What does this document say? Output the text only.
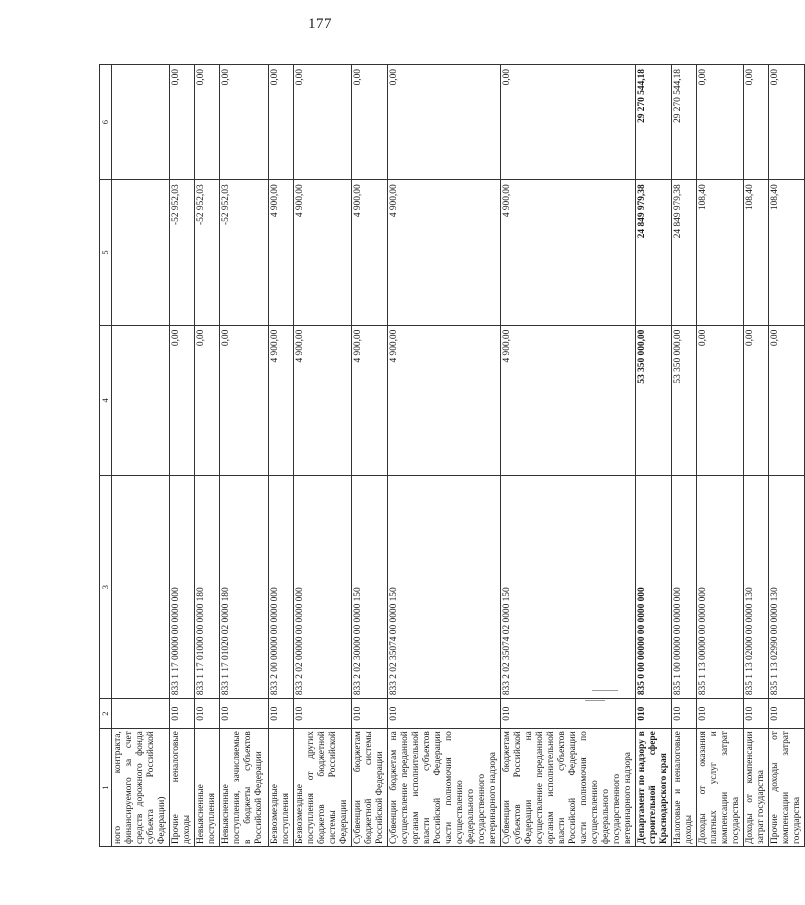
177
1	2	3	4	5	6
ного контракта, финансируемого за счет средств дорожного фонда субъекта Российской Федерации)					
Прочие неналоговые доходы	010	833 1 17 00000 00 0000 000	0,00	-52 952,03	0,00
Невыясненные поступления	010	833 1 17 01000 00 0000 180	0,00	-52 952,03	0,00
Невыясненные поступления, зачисляемые в бюджеты субъектов Российской Федерации	010	833 1 17 01020 02 0000 180	0,00	-52 952,03	0,00
Безвозмездные поступления	010	833 2 00 00000 00 0000 000	4 900,00	4 900,00	0,00
Безвозмездные поступления от других бюджетов бюджетной системы Российской Федерации	010	833 2 02 00000 00 0000 000	4 900,00	4 900,00	0,00
Субвенции бюджетам бюджетной системы Российской Федерации	010	833 2 02 30000 00 0000 150	4 900,00	4 900,00	0,00
Субвенции бюджетам на осуществление переданной органам исполнительной власти субъектов Российской Федерации части полномочия по осуществлению федерального государственного ветеринарного надзора	010	833 2 02 35074 00 0000 150	4 900,00	4 900,00	0,00
Субвенции бюджетам субъектов Российской Федерации на осуществление переданной органам исполнительной власти субъектов Российской Федерации части полномочия по осуществлению федерального государственного ветеринарного надзора	010	833 2 02 35074 02 0000 150	4 900,00	4 900,00	0,00
Департамент по надзору в строительной сфере Краснодарского края	010	835 0 00 00000 00 0000 000	53 350 000,00	24 849 979,38	29 270 544,18
Налоговые и неналоговые доходы	010	835 1 00 00000 00 0000 000	53 350 000,00	24 849 979,38	29 270 544,18
Доходы от оказания платных услуг и компенсации затрат государства	010	835 1 13 00000 00 0000 000	0,00	108,40	0,00
Доходы от компенсации затрат государства	010	835 1 13 02000 00 0000 130	0,00	108,40	0,00
Прочие доходы от компенсации затрат государства	010	835 1 13 02990 00 0000 130	0,00	108,40	0,00
